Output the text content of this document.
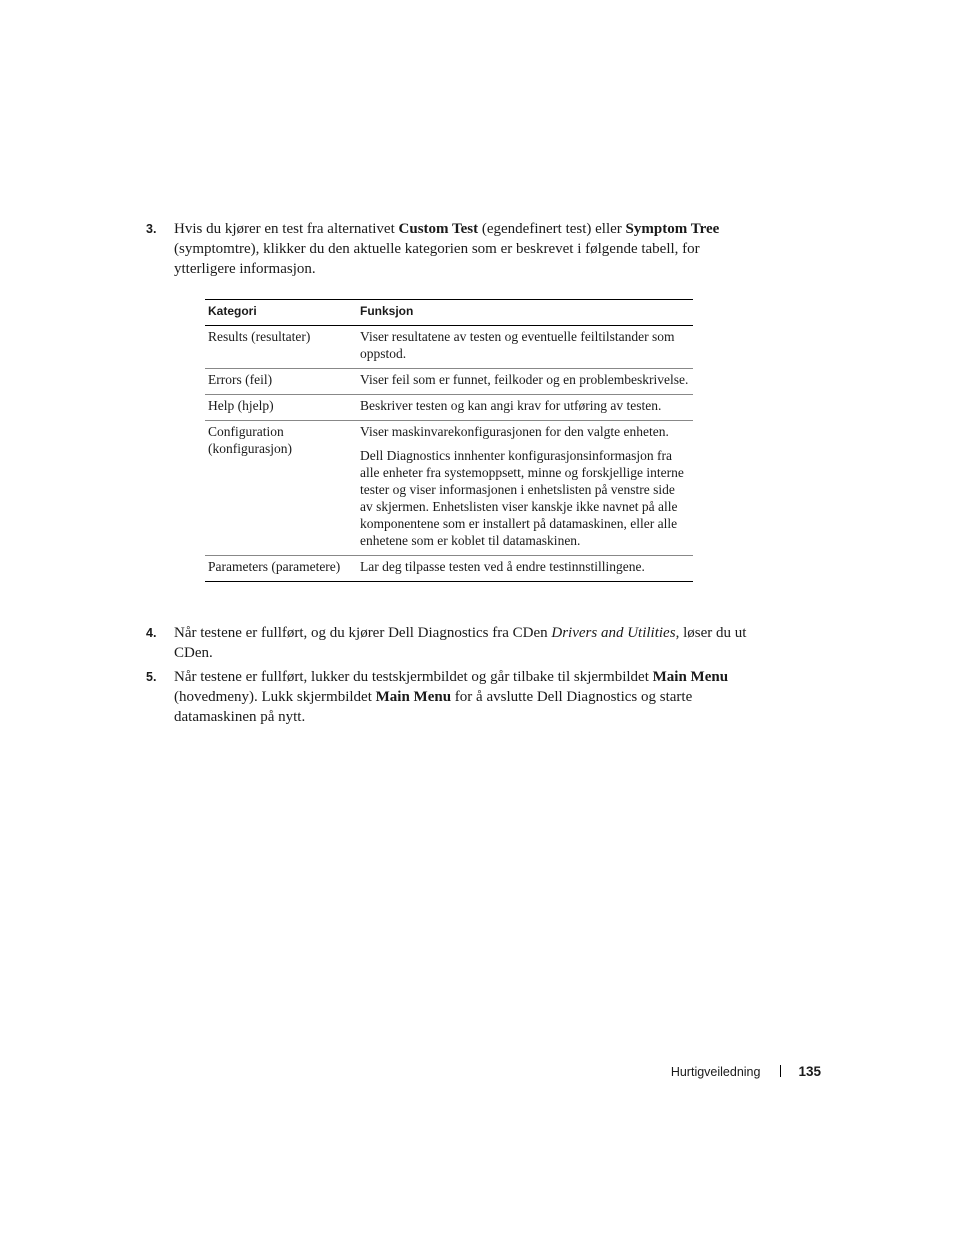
3. Hvis du kjører en test fra alternativet Custom Test (egendefinert test) eller Symptom Tree (symptomtre), klikker du den aktuelle kategorien som er beskrevet i følgende tabell, for ytterligere informasjon.
Kategori	Funksjon
Results (resultater)	Viser resultatene av testen og eventuelle feiltilstander som oppstod.

Errors (feil)	Viser feil som er funnet, feilkoder og en problembeskrivelse.

Help (hjelp)	Beskriver testen og kan angi krav for utføring av testen.

Configuration (konfigurasjon)	Viser maskinvarekonfigurasjonen for den valgte enheten.

Dell Diagnostics innhenter konfigurasjonsinformasjon fra alle enheter fra systemoppsett, minne og forskjellige interne tester og viser informasjonen i enhetslisten på venstre side av skjermen. Enhetslisten viser kanskje ikke navnet på alle komponentene som er installert på datamaskinen, eller alle enhetene som er koblet til datamaskinen.

Parameters (parametere)	Lar deg tilpasse testen ved å endre testinnstillingene.

4. Når testene er fullført, og du kjører Dell Diagnostics fra CDen Drivers and Utilities, løser du ut CDen.
5. Når testene er fullført, lukker du testskjermbildet og går tilbake til skjermbildet Main Menu (hovedmeny). Lukk skjermbildet Main Menu for å avslutte Dell Diagnostics og starte datamaskinen på nytt.
Hurtigveiledning	135
